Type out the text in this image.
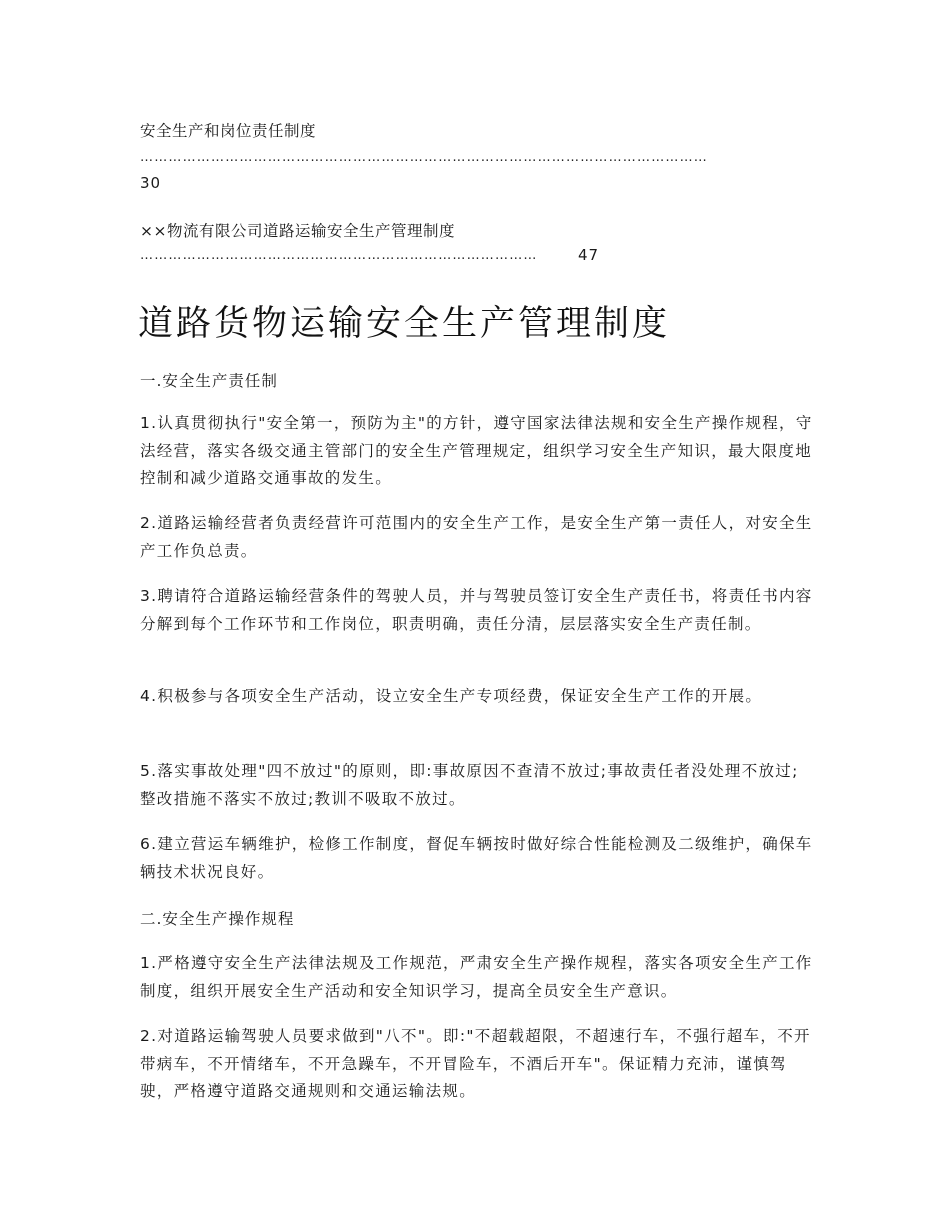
安全生产和岗位责任制度
…………………………………………………………………………………………………………
30
××物流有限公司道路运输安全生产管理制度
…………………………………………………………………………	47
道路货物运输安全生产管理制度
一.安全生产责任制
1.认真贯彻执行"安全第一，预防为主"的方针，遵守国家法律法规和安全生产操作规程，守法经营，落实各级交通主管部门的安全生产管理规定，组织学习安全生产知识，最大限度地控制和减少道路交通事故的发生。
2.道路运输经营者负责经营许可范围内的安全生产工作，是安全生产第一责任人，对安全生产工作负总责。
3.聘请符合道路运输经营条件的驾驶人员，并与驾驶员签订安全生产责任书，将责任书内容分解到每个工作环节和工作岗位，职责明确，责任分清，层层落实安全生产责任制。
4.积极参与各项安全生产活动，设立安全生产专项经费，保证安全生产工作的开展。
5.落实事故处理"四不放过"的原则，即:事故原因不查清不放过;事故责任者没处理不放过;整改措施不落实不放过;教训不吸取不放过。
6.建立营运车辆维护，检修工作制度，督促车辆按时做好综合性能检测及二级维护，确保车辆技术状况良好。
二.安全生产操作规程
1.严格遵守安全生产法律法规及工作规范，严肃安全生产操作规程，落实各项安全生产工作制度，组织开展安全生产活动和安全知识学习，提高全员安全生产意识。
2.对道路运输驾驶人员要求做到"八不"。即:"不超载超限，不超速行车，不强行超车，不开带病车，不开情绪车，不开急躁车，不开冒险车，不酒后开车"。保证精力充沛，谨慎驾驶，严格遵守道路交通规则和交通运输法规。
